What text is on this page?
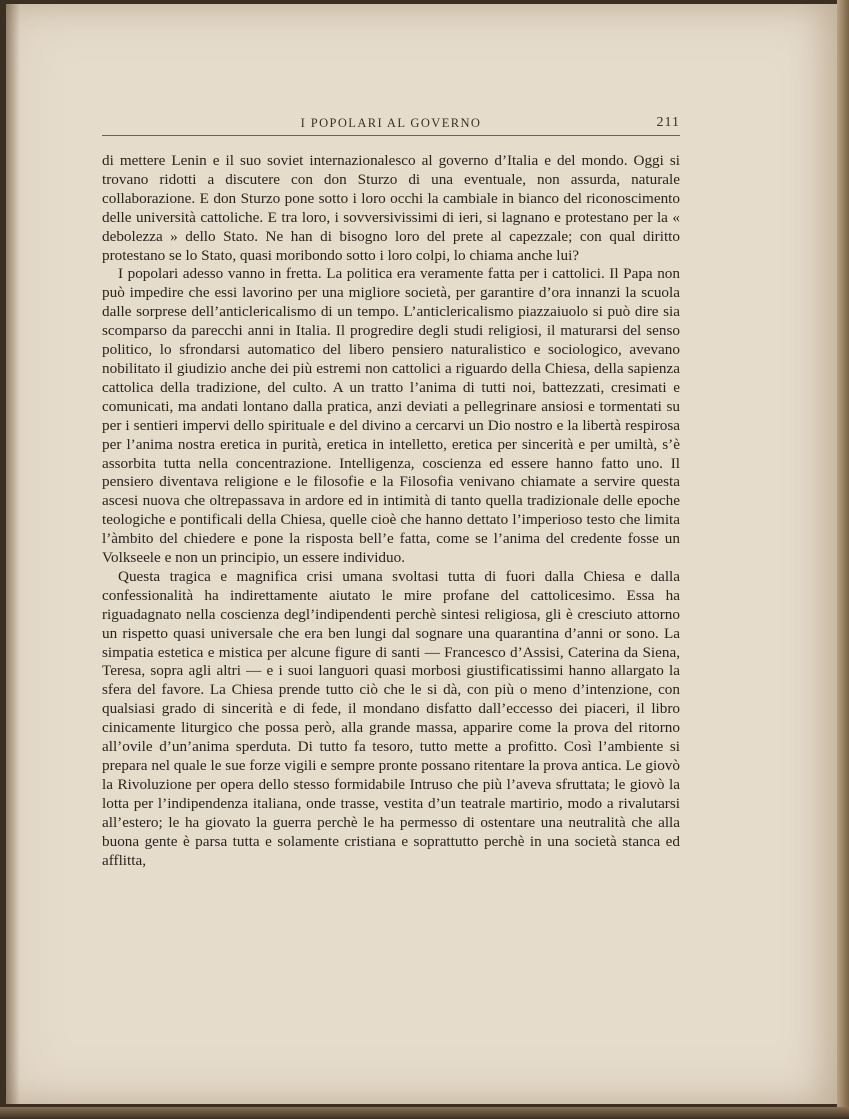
I POPOLARI AL GOVERNO	211

di mettere Lenin e il suo soviet internazionalesco al governo d’Italia e del mondo. Oggi si trovano ridotti a discutere con don Sturzo di una eventuale, non assurda, naturale collaborazione. E don Sturzo pone sotto i loro occhi la cambiale in bianco del riconoscimento delle università cattoliche. E tra loro, i sovversivissimi di ieri, si lagnano e protestano per la « debolezza » dello Stato. Ne han di bisogno loro del prete al capezzale; con qual diritto protestano se lo Stato, quasi moribondo sotto i loro colpi, lo chiama anche lui?

I popolari adesso vanno in fretta. La politica era veramente fatta per i cattolici. Il Papa non può impedire che essi lavorino per una migliore società, per garantire d’ora innanzi la scuola dalle sorprese dell’anticlericalismo di un tempo. L’anticlericalismo piazzaiuolo si può dire sia scomparso da parecchi anni in Italia. Il progredire degli studi religiosi, il maturarsi del senso politico, lo sfrondarsi automatico del libero pensiero naturalistico e sociologico, avevano nobilitato il giudizio anche dei più estremi non cattolici a riguardo della Chiesa, della sapienza cattolica della tradizione, del culto. A un tratto l’anima di tutti noi, battezzati, cresimati e comunicati, ma andati lontano dalla pratica, anzi deviati a pellegrinare ansiosi e tormentati su per i sentieri impervi dello spirituale e del divino a cercarvi un Dio nostro e la libertà respirosa per l’anima nostra eretica in purità, eretica in intelletto, eretica per sincerità e per umiltà, s’è assorbita tutta nella concentrazione. Intelligenza, coscienza ed essere hanno fatto uno. Il pensiero diventava religione e le filosofie e la Filosofia venivano chiamate a servire questa ascesi nuova che oltrepassava in ardore ed in intimità di tanto quella tradizionale delle epoche teologiche e pontificali della Chiesa, quelle cioè che hanno dettato l’imperioso testo che limita l’àmbito del chiedere e pone la risposta bell’e fatta, come se l’anima del credente fosse un Volkseele e non un principio, un essere individuo.

Questa tragica e magnifica crisi umana svoltasi tutta di fuori dalla Chiesa e dalla confessionalità ha indirettamente aiutato le mire profane del cattolicesimo. Essa ha riguadagnato nella coscienza degl’indipendenti perchè sintesi religiosa, gli è cresciuto attorno un rispetto quasi universale che era ben lungi dal sognare una quarantina d’anni or sono. La simpatia estetica e mistica per alcune figure di santi — Francesco d’Assisi, Caterina da Siena, Teresa, sopra agli altri — e i suoi languori quasi morbosi giustificatissimi hanno allargato la sfera del favore. La Chiesa prende tutto ciò che le si dà, con più o meno d’intenzione, con qualsiasi grado di sincerità e di fede, il mondano disfatto dall’eccesso dei piaceri, il libro cinicamente liturgico che possa però, alla grande massa, apparire come la prova del ritorno all’ovile d’un’anima sperduta. Di tutto fa tesoro, tutto mette a profitto. Così l’ambiente si prepara nel quale le sue forze vigili e sempre pronte possano ritentare la prova antica. Le giovò la Rivoluzione per opera dello stesso formidabile Intruso che più l’aveva sfruttata; le giovò la lotta per l’indipendenza italiana, onde trasse, vestita d’un teatrale martirio, modo a rivalutarsi all’estero; le ha giovato la guerra perchè le ha permesso di ostentare una neutralità che alla buona gente è parsa tutta e solamente cristiana e soprattutto perchè in una società stanca ed afflitta,
